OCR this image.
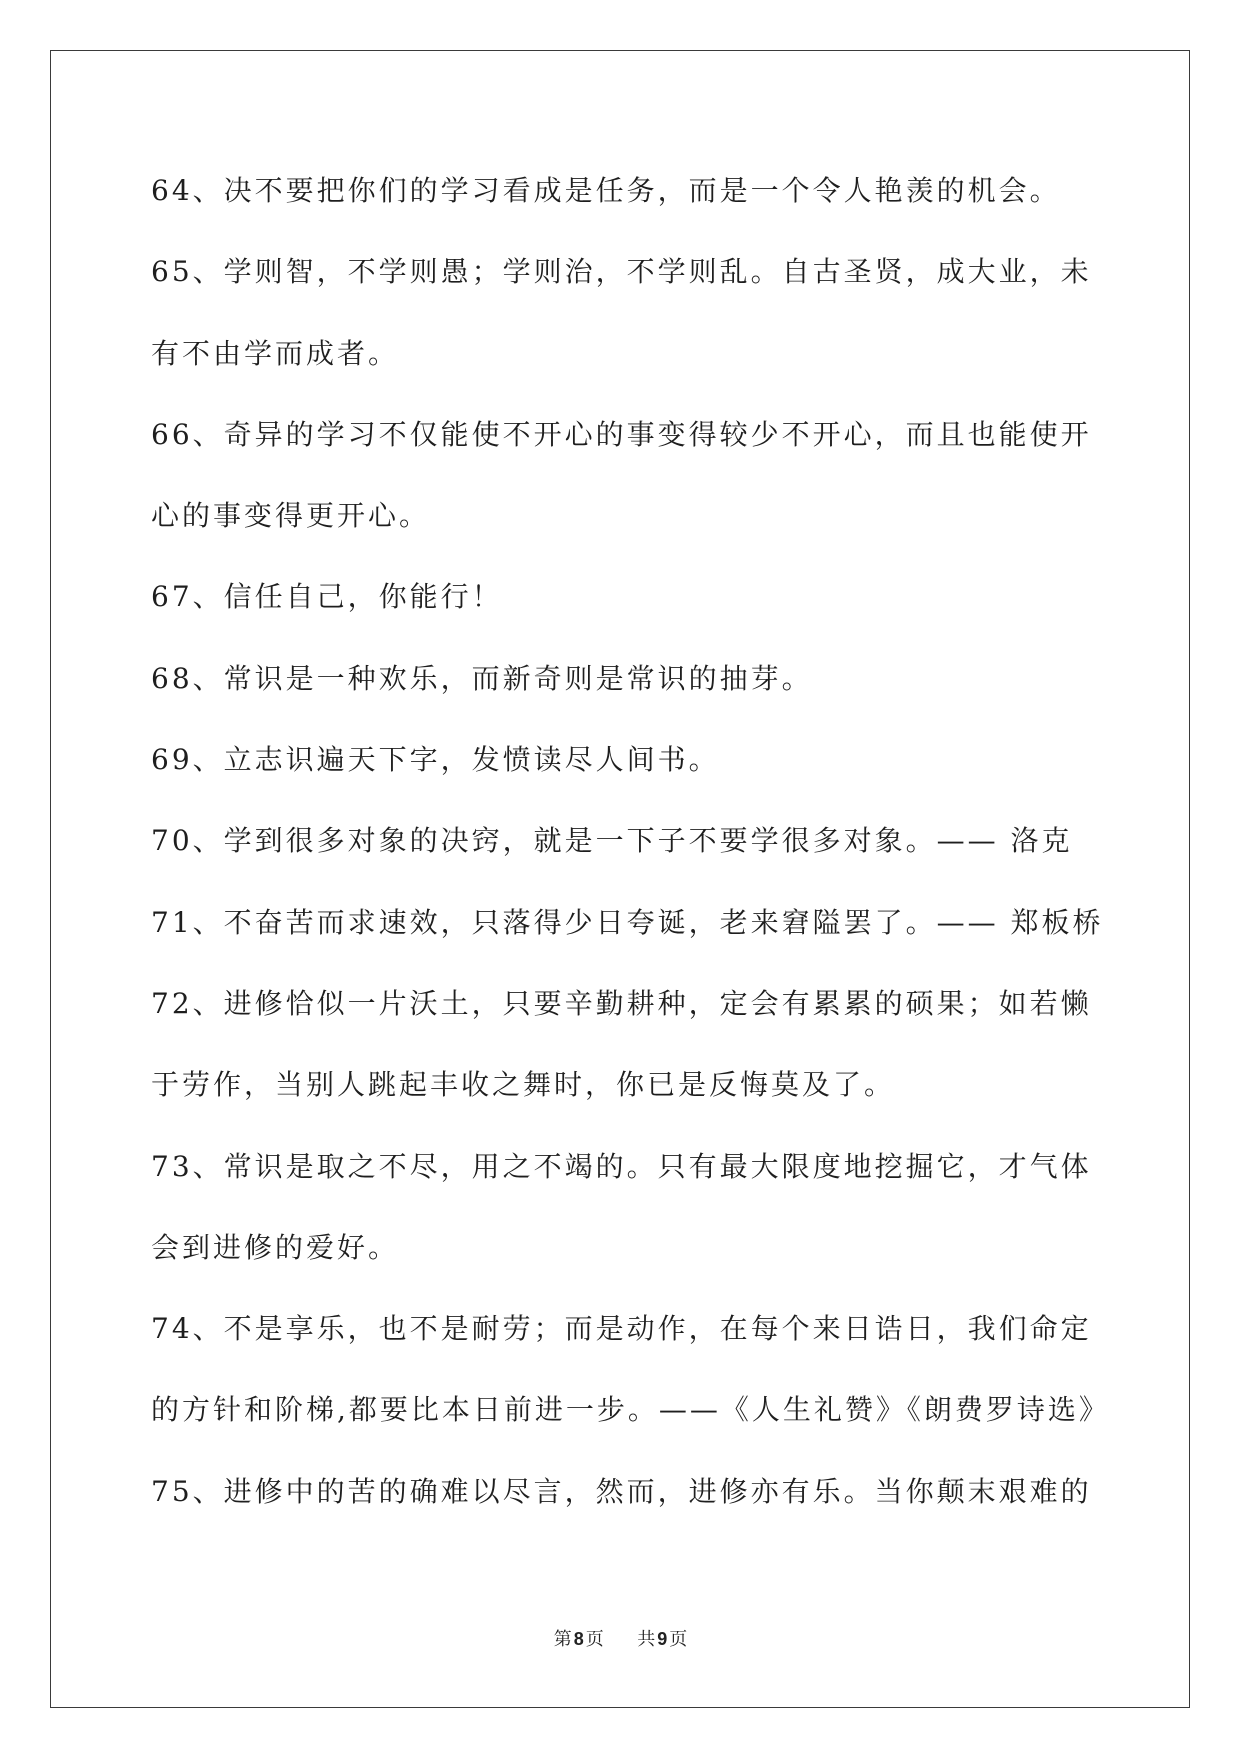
64、决不要把你们的学习看成是任务，而是一个令人艳羡的机会。
65、学则智，不学则愚；学则治，不学则乱。自古圣贤，成大业，未
有不由学而成者。
66、奇异的学习不仅能使不开心的事变得较少不开心，而且也能使开
心的事变得更开心。
67、信任自己，你能行！
68、常识是一种欢乐，而新奇则是常识的抽芽。
69、立志识遍天下字，发愤读尽人间书。
70、学到很多对象的决窍，就是一下子不要学很多对象。—— 洛克
71、不奋苦而求速效，只落得少日夸诞，老来窘隘罢了。—— 郑板桥
72、进修恰似一片沃土，只要辛勤耕种，定会有累累的硕果；如若懒
于劳作，当别人跳起丰收之舞时，你已是反悔莫及了。
73、常识是取之不尽，用之不竭的。只有最大限度地挖掘它，才气体
会到进修的爱好。
74、不是享乐，也不是耐劳；而是动作，在每个来日诰日，我们命定
的方针和阶梯,都要比本日前进一步。——《人生礼赞》《朗费罗诗选》
75、进修中的苦的确难以尽言，然而，进修亦有乐。当你颠末艰难的
第 8 页 共 9 页
